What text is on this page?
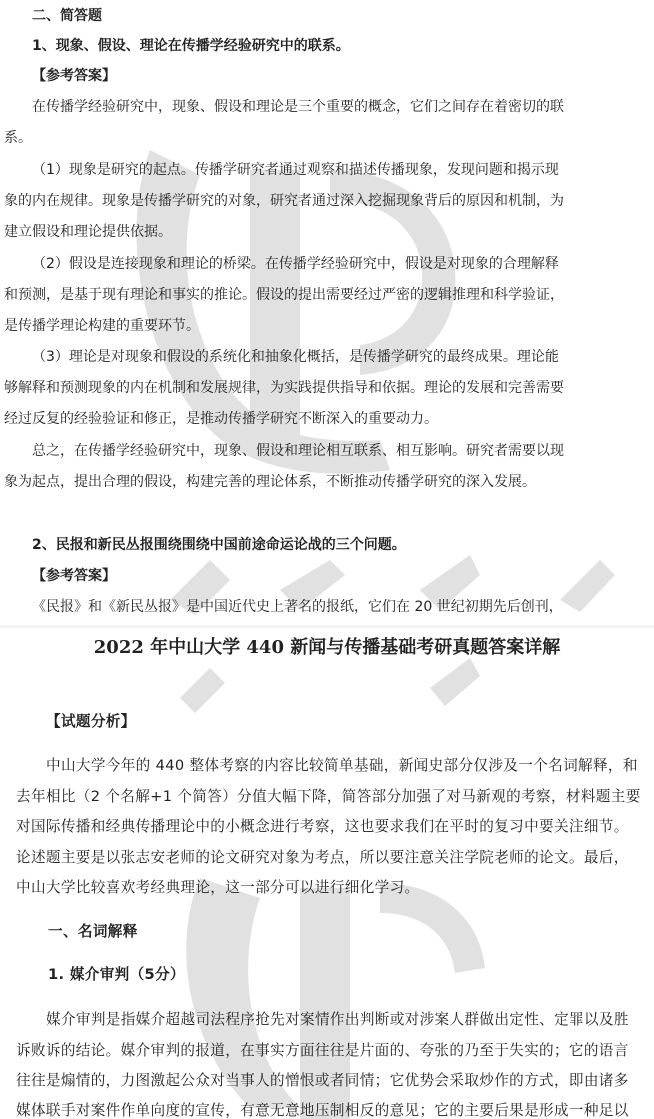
二、简答题
1、现象、假设、理论在传播学经验研究中的联系。
【参考答案】
在传播学经验研究中，现象、假设和理论是三个重要的概念，它们之间存在着密切的联
系。
（1）现象是研究的起点。传播学研究者通过观察和描述传播现象，发现问题和揭示现
象的内在规律。现象是传播学研究的对象，研究者通过深入挖掘现象背后的原因和机制，为
建立假设和理论提供依据。
（2）假设是连接现象和理论的桥梁。在传播学经验研究中，假设是对现象的合理解释
和预测，是基于现有理论和事实的推论。假设的提出需要经过严密的逻辑推理和科学验证，
是传播学理论构建的重要环节。
（3）理论是对现象和假设的系统化和抽象化概括，是传播学研究的最终成果。理论能
够解释和预测现象的内在机制和发展规律，为实践提供指导和依据。理论的发展和完善需要
经过反复的经验验证和修正，是推动传播学研究不断深入的重要动力。
总之，在传播学经验研究中，现象、假设和理论相互联系、相互影响。研究者需要以现
象为起点，提出合理的假设，构建完善的理论体系，不断推动传播学研究的深入发展。
2、民报和新民丛报围绕围绕中国前途命运论战的三个问题。
【参考答案】
《民报》和《新民丛报》是中国近代史上著名的报纸，它们在 20 世纪初期先后创刊，
2022 年中山大学 440 新闻与传播基础考研真题答案详解
【试题分析】
中山大学今年的 440 整体考察的内容比较简单基础，新闻史部分仅涉及一个名词解释，和
去年相比（2 个名解+1 个简答）分值大幅下降，简答部分加强了对马新观的考察，材料题主要
对国际传播和经典传播理论中的小概念进行考察，这也要求我们在平时的复习中要关注细节。
论述题主要是以张志安老师的论文研究对象为考点，所以要注意关注学院老师的论文。最后，
中山大学比较喜欢考经典理论，这一部分可以进行细化学习。
一、名词解释
1. 媒介审判（5分）
媒介审判是指媒介超越司法程序抢先对案情作出判断或对涉案人群做出定性、定罪以及胜
诉败诉的结论。媒介审判的报道，在事实方面往往是片面的、夸张的乃至于失实的；它的语言
往往是煽情的，力图激起公众对当事人的憎恨或者同情；它优势会采取炒作的方式，即由诸多
媒体联手对案件作单向度的宣传，有意无意地压制相反的意见；它的主要后果是形成一种足以
